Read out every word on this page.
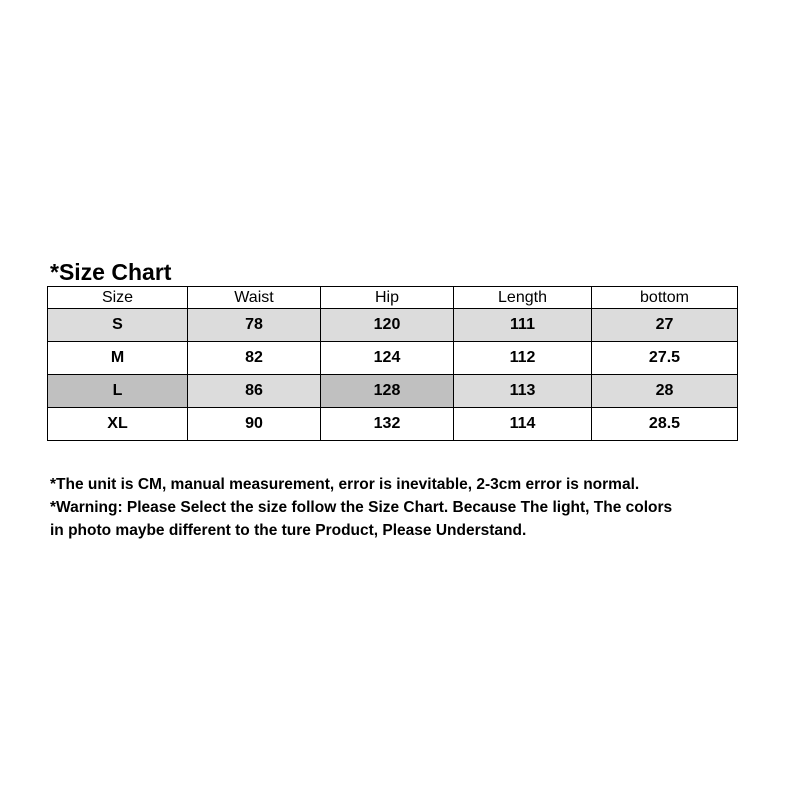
*Size Chart
Size	Waist	Hip	Length	bottom
S	78	120	111	27
M	82	124	112	27.5
L	86	128	113	28
XL	90	132	114	28.5

*The unit is CM, manual measurement, error is inevitable, 2-3cm error is normal.

*Warning: Please Select the size follow the Size Chart. Because The light, The colors

in photo maybe different to the ture Product, Please Understand.
